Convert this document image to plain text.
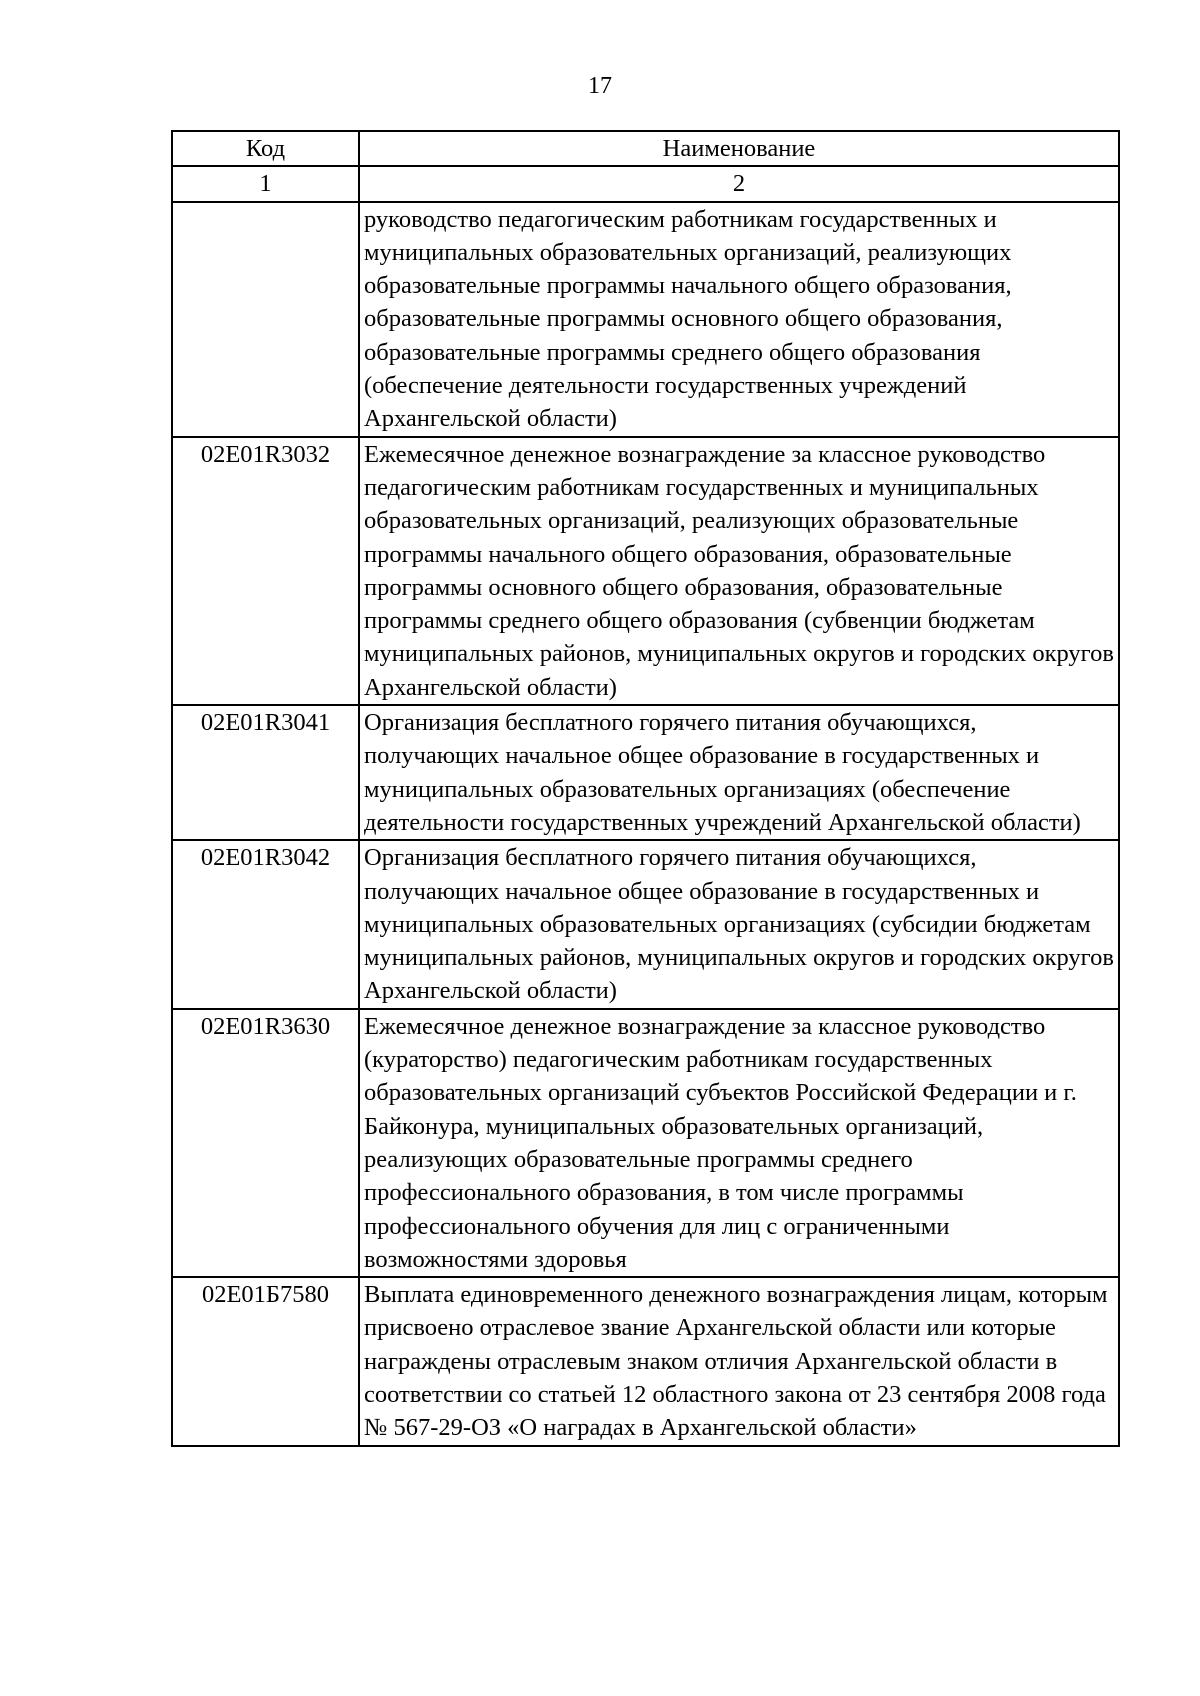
17
Код	Наименование
1	2
	руководство педагогическим работникам государственных и муниципальных образовательных организаций, реализующих образовательные программы начального общего образования, образовательные программы основного общего образования, образовательные программы среднего общего образования (обеспечение деятельности государственных учреждений Архангельской области)
02Е01R3032	Ежемесячное денежное вознаграждение за классное руководство педагогическим работникам государственных и муниципальных образовательных организаций, реализующих образовательные программы начального общего образования, образовательные программы основного общего образования, образовательные программы среднего общего образования (субвенции бюджетам муниципальных районов, муниципальных округов и городских округов Архангельской области)
02Е01R3041	Организация бесплатного горячего питания обучающихся, получающих начальное общее образование в государственных и муниципальных образовательных организациях (обеспечение деятельности государственных учреждений Архангельской области)
02Е01R3042	Организация бесплатного горячего питания обучающихся, получающих начальное общее образование в государственных и муниципальных образовательных организациях (субсидии бюджетам муниципальных районов, муниципальных округов и городских округов Архангельской области)
02Е01R3630	Ежемесячное денежное вознаграждение за классное руководство (кураторство) педагогическим работникам государственных образовательных организаций субъектов Российской Федерации и г. Байконура, муниципальных образовательных организаций, реализующих образовательные программы среднего профессионального образования, в том числе программы профессионального обучения для лиц с ограниченными возможностями здоровья
02Е01Б7580	Выплата единовременного денежного вознаграждения лицам, которым присвоено отраслевое звание Архангельской области или которые награждены отраслевым знаком отличия Архангельской области в соответствии со статьей 12 областного закона от 23 сентября 2008 года № 567-29-ОЗ «О наградах в Архангельской области»
